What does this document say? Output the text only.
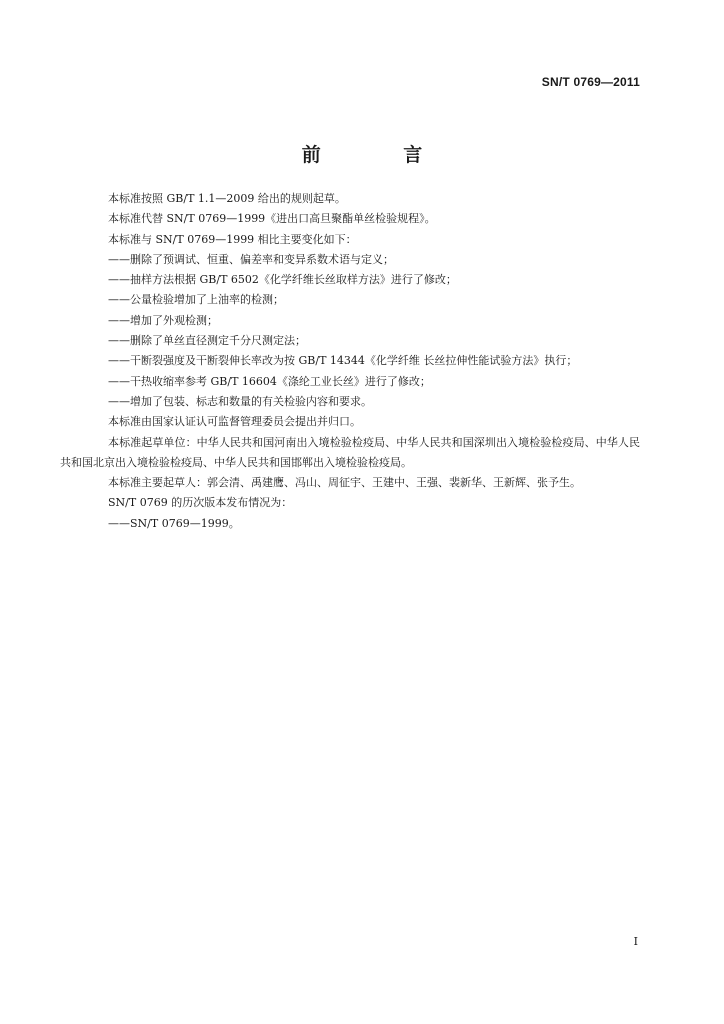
SN/T 0769—2011
前 言

本标准按照 GB/T 1.1—2009 给出的规则起草。

本标准代替 SN/T 0769—1999《进出口高旦聚酯单丝检验规程》。

本标准与 SN/T 0769—1999 相比主要变化如下：

——删除了预调试、恒重、偏差率和变异系数术语与定义；

——抽样方法根据 GB/T 6502《化学纤维长丝取样方法》进行了修改；

——公量检验增加了上油率的检测；

——增加了外观检测；

——删除了单丝直径测定千分尺测定法；

——干断裂强度及干断裂伸长率改为按 GB/T 14344《化学纤维 长丝拉伸性能试验方法》执行；

——干热收缩率参考 GB/T 16604《涤纶工业长丝》进行了修改；

——增加了包装、标志和数量的有关检验内容和要求。

本标准由国家认证认可监督管理委员会提出并归口。

本标准起草单位：中华人民共和国河南出入境检验检疫局、中华人民共和国深圳出入境检验检疫局、中华人民共和国北京出入境检验检疫局、中华人民共和国邯郸出入境检验检疫局。

本标准主要起草人：郭会清、禹建鹰、冯山、周征宇、王建中、王强、裴新华、王新辉、张予生。

SN/T 0769 的历次版本发布情况为：

——SN/T 0769—1999。

I
